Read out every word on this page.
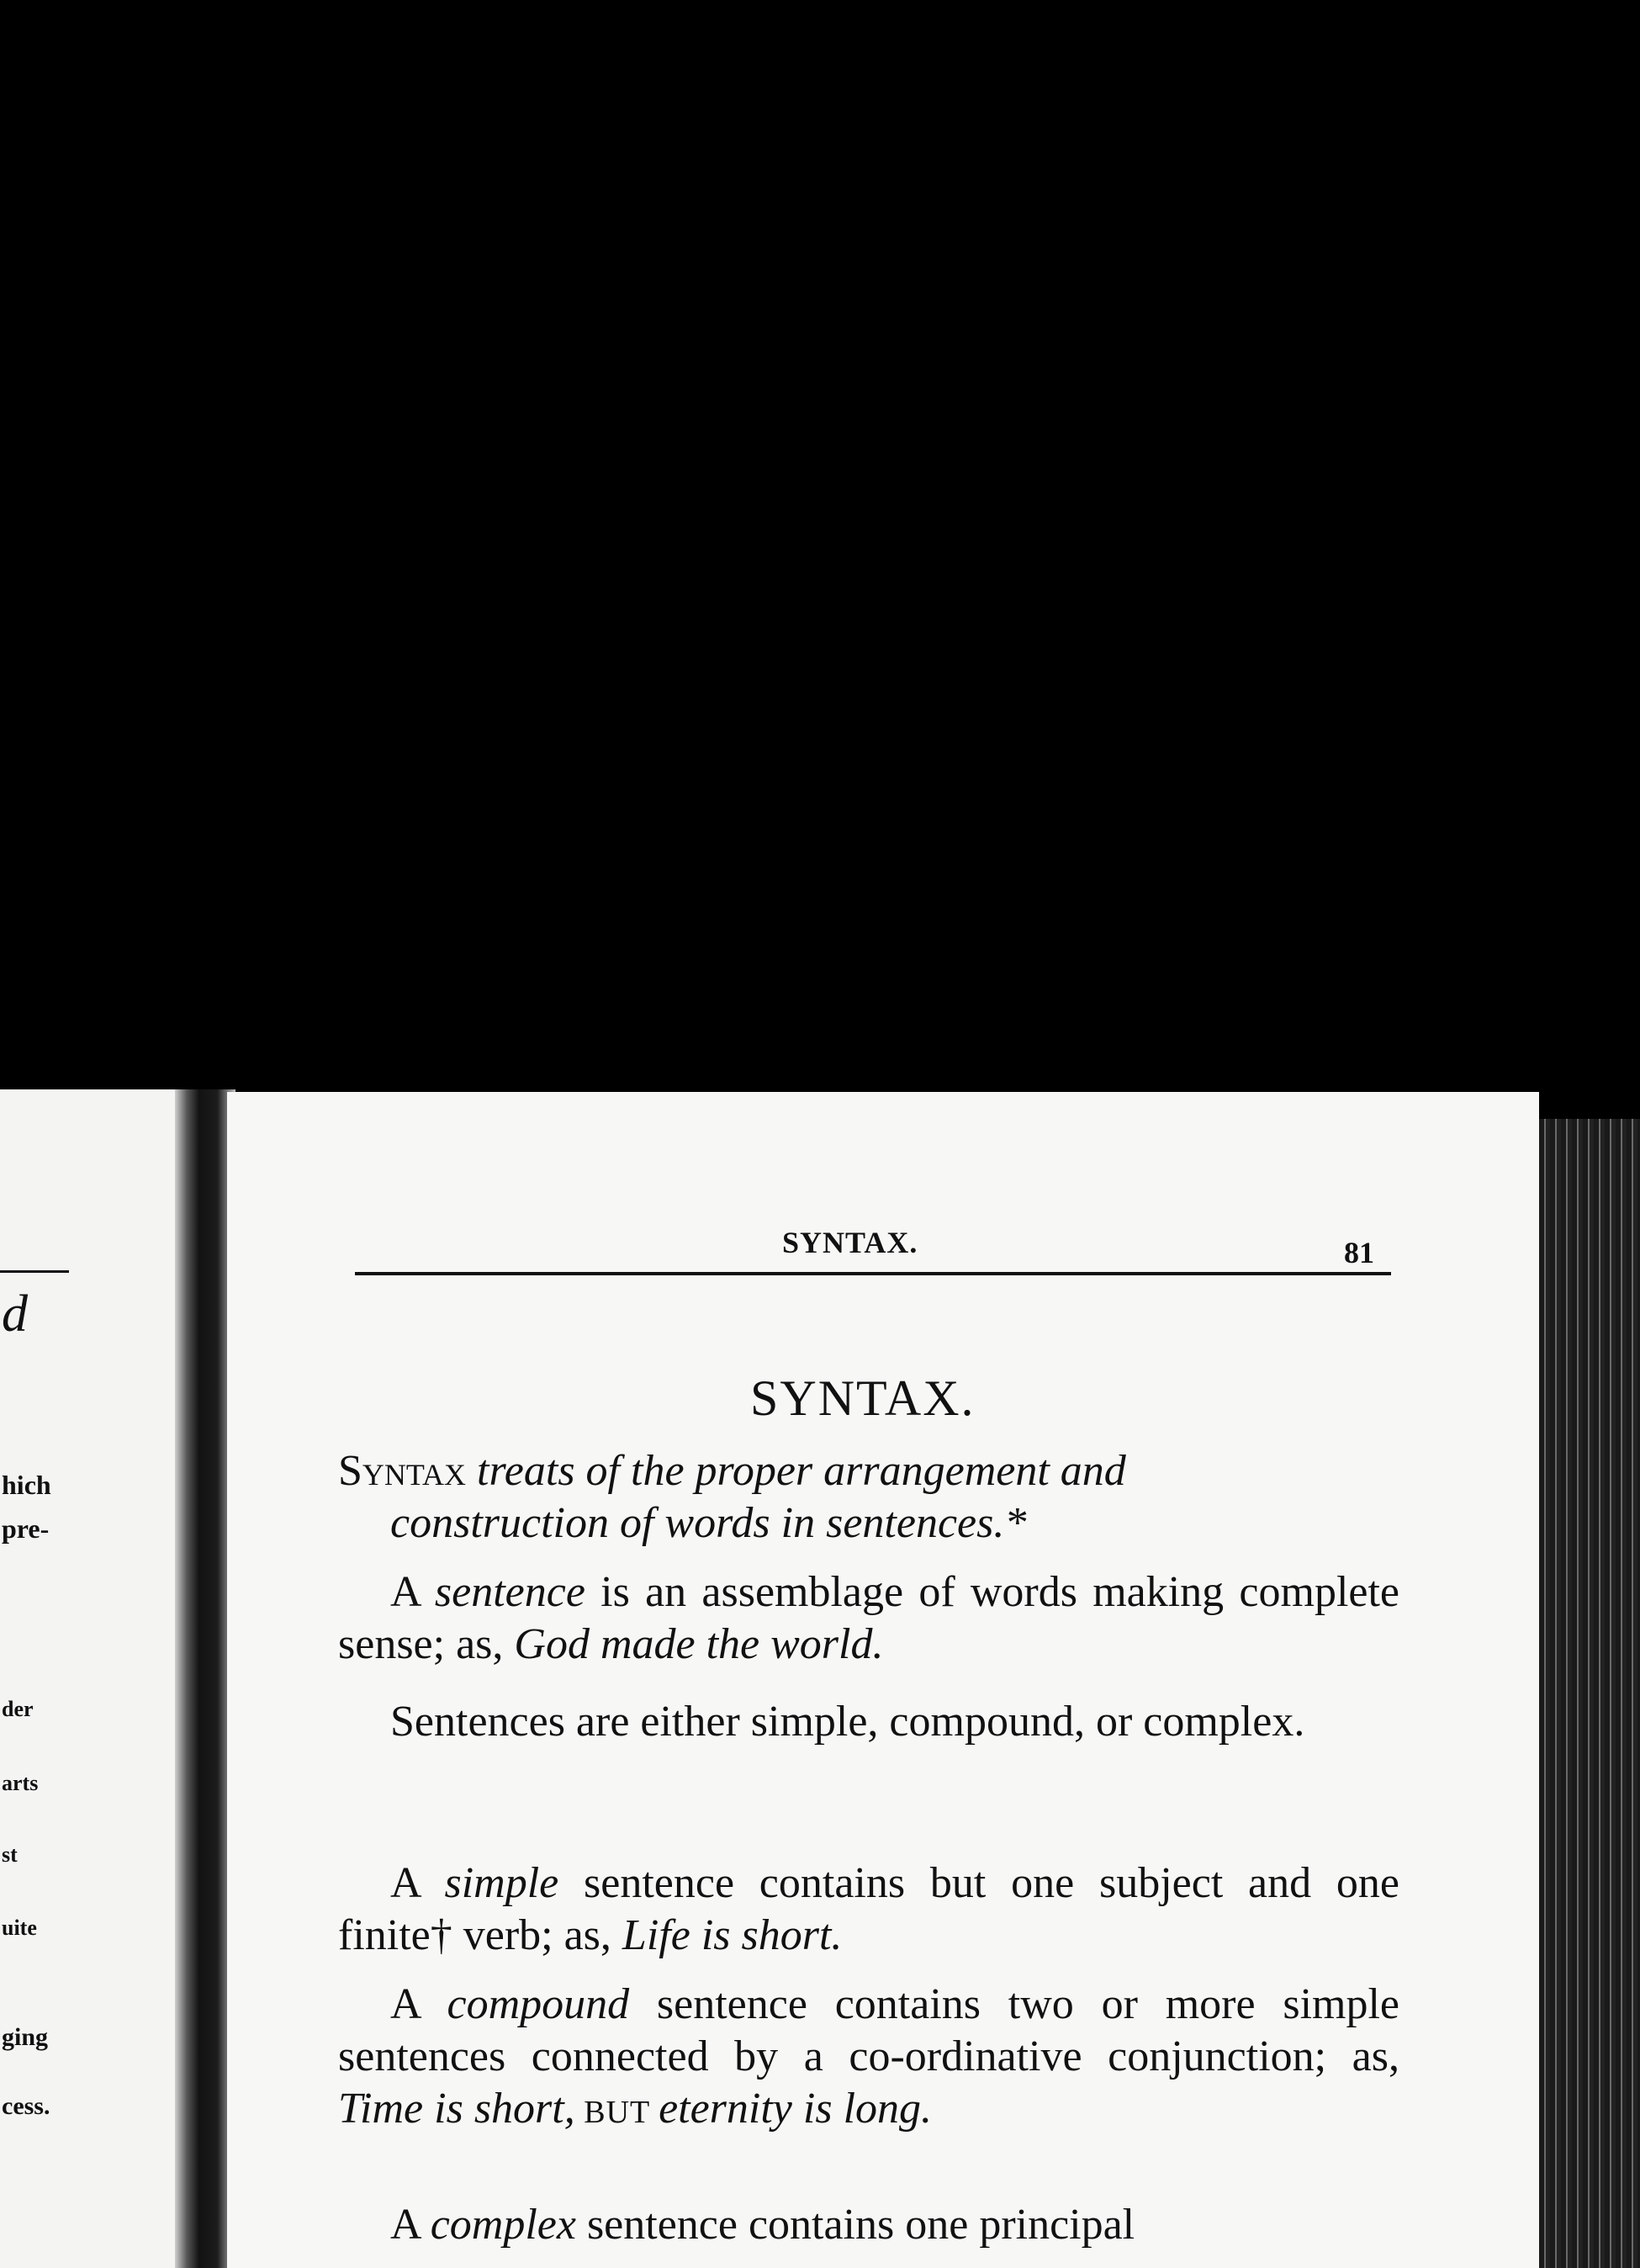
d
hich
pre-
der
arts
st
uite
ging
cess.
SYNTAX.	81
SYNTAX.
Syntax treats of the proper arrangement and
construction of words in sentences.*
A sentence is an assemblage of words making complete sense; as, God made the world.
Sentences are either simple, compound, or complex.
A simple sentence contains but one subject and one finite† verb; as, Life is short.
A compound sentence contains two or more simple sentences connected by a co-ordinative conjunction; as, Time is short, BUT eternity is long.
A complex sentence contains one principal
